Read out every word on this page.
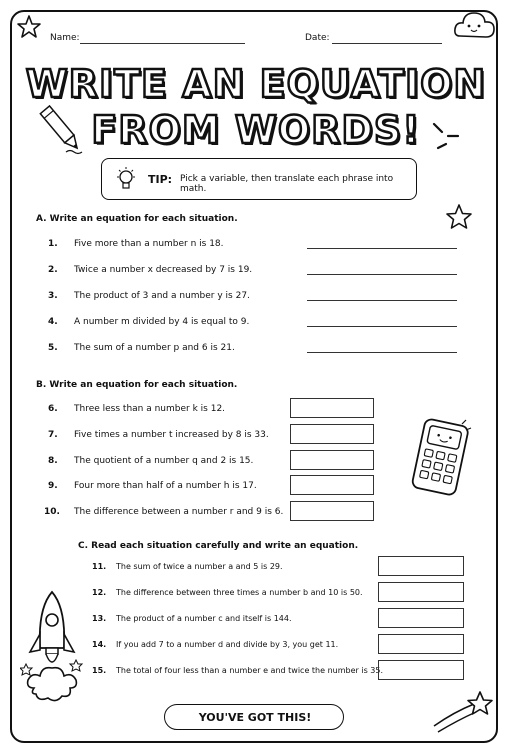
Name:	Date:
WRITE AN EQUATION
FROM WORDS!
TIP: Pick a variable, then translate each phrase into math.
A. Write an equation for each situation.
1. Five more than a number n is 18.
2. Twice a number x decreased by 7 is 19.
3. The product of 3 and a number y is 27.
4. A number m divided by 4 is equal to 9.
5. The sum of a number p and 6 is 21.
B. Write an equation for each situation.
6. Three less than a number k is 12.
7. Five times a number t increased by 8 is 33.
8. The quotient of a number q and 2 is 15.
9. Four more than half of a number h is 17.
10. The difference between a number r and 9 is 6.
C. Read each situation carefully and write an equation.
11. The sum of twice a number a and 5 is 29.
12. The difference between three times a number b and 10 is 50.
13. The product of a number c and itself is 144.
14. If you add 7 to a number d and divide by 3, you get 11.
15. The total of four less than a number e and twice the number is 35.
YOU'VE GOT THIS!
